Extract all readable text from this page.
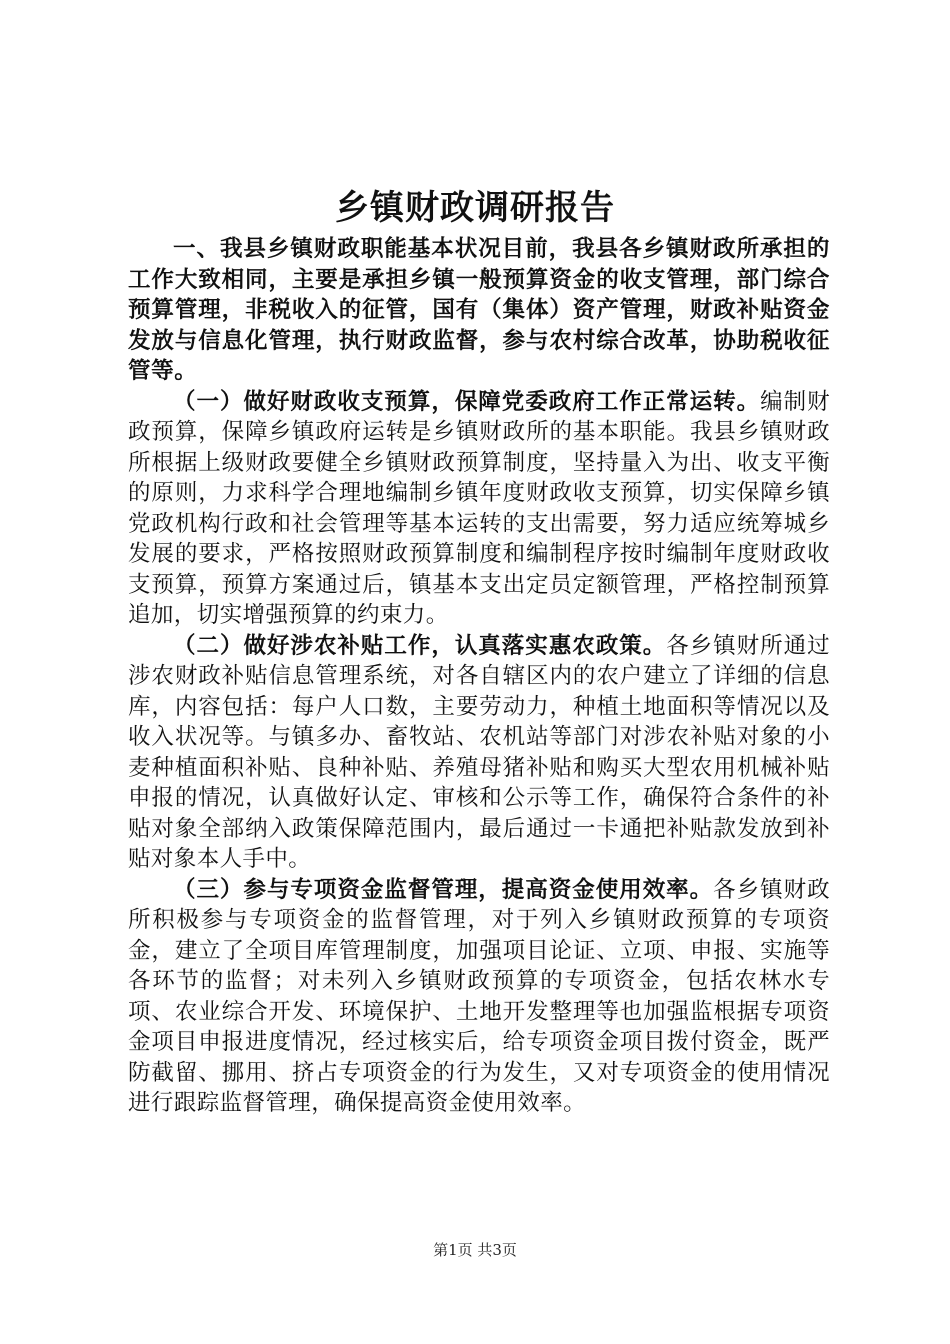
乡镇财政调研报告

一、我县乡镇财政职能基本状况目前，我县各乡镇财政所承担的工作大致相同，主要是承担乡镇一般预算资金的收支管理，部门综合预算管理，非税收入的征管，国有（集体）资产管理，财政补贴资金发放与信息化管理，执行财政监督，参与农村综合改革，协助税收征管等。

（一）做好财政收支预算，保障党委政府工作正常运转。编制财政预算，保障乡镇政府运转是乡镇财政所的基本职能。我县乡镇财政所根据上级财政要健全乡镇财政预算制度，坚持量入为出、收支平衡的原则，力求科学合理地编制乡镇年度财政收支预算，切实保障乡镇党政机构行政和社会管理等基本运转的支出需要，努力适应统筹城乡发展的要求，严格按照财政预算制度和编制程序按时编制年度财政收支预算，预算方案通过后，镇基本支出定员定额管理，严格控制预算追加，切实增强预算的约束力。

（二）做好涉农补贴工作，认真落实惠农政策。各乡镇财所通过涉农财政补贴信息管理系统，对各自辖区内的农户建立了详细的信息库，内容包括：每户人口数，主要劳动力，种植土地面积等情况以及收入状况等。与镇多办、畜牧站、农机站等部门对涉农补贴对象的小麦种植面积补贴、良种补贴、养殖母猪补贴和购买大型农用机械补贴申报的情况，认真做好认定、审核和公示等工作，确保符合条件的补贴对象全部纳入政策保障范围内，最后通过一卡通把补贴款发放到补贴对象本人手中。

（三）参与专项资金监督管理，提高资金使用效率。各乡镇财政所积极参与专项资金的监督管理，对于列入乡镇财政预算的专项资金，建立了全项目库管理制度，加强项目论证、立项、申报、实施等各环节的监督；对未列入乡镇财政预算的专项资金，包括农林水专项、农业综合开发、环境保护、土地开发整理等也加强监根据专项资金项目申报进度情况，经过核实后，给专项资金项目拨付资金，既严防截留、挪用、挤占专项资金的行为发生，又对专项资金的使用情况进行跟踪监督管理，确保提高资金使用效率。

第1页 共3页
